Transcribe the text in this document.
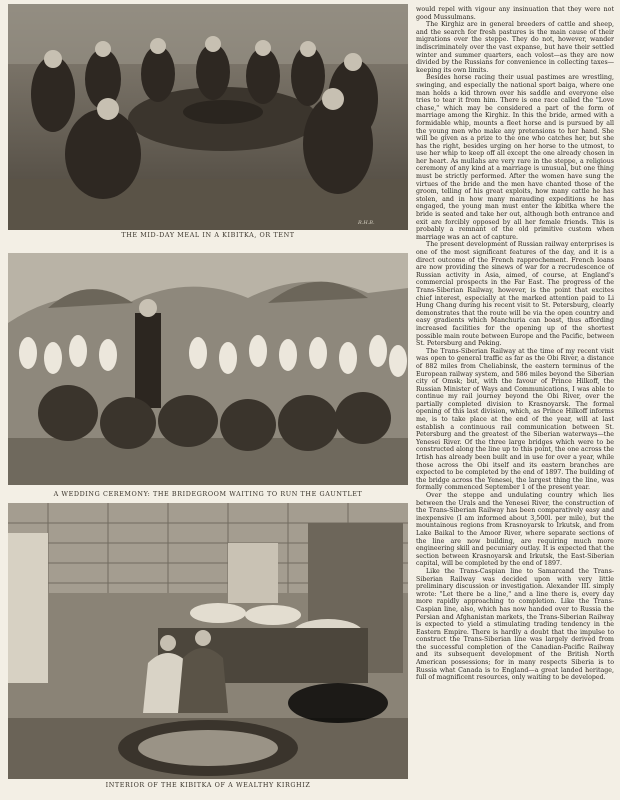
R.H.B.
THE MID-DAY MEAL IN A KIBITKA, OR TENT
A WEDDING CEREMONY: THE BRIDEGROOM WAITING TO RUN THE GAUNTLET
INTERIOR OF THE KIBITKA OF A WEALTHY KIRGHIZ

would repel with vigour any insinuation that they were not good Mussulmans.

The Kirghiz are in general breeders of cattle and sheep, and the search for fresh pastures is the main cause of their migrations over the steppe. They do not, however, wander indiscriminately over the vast expanse, but have their settled winter and summer quarters, each volost—as they are now divided by the Russians for convenience in collecting taxes—keeping its own limits.

Besides horse racing their usual pastimes are wrestling, swinging, and especially the national sport baiga, where one man holds a kid thrown over his saddle and everyone else tries to tear it from him. There is one race called the "Love chase," which may be considered a part of the form of marriage among the Kirghiz. In this the bride, armed with a formidable whip, mounts a fleet horse and is pursued by all the young men who make any pretensions to her hand. She will be given as a prize to the one who catches her, but she has the right, besides urging on her horse to the utmost, to use her whip to keep off all except the one already chosen in her heart. As mullahs are very rare in the steppe, a religious ceremony of any kind at a marriage is unusual, but one thing must be strictly performed. After the women have sung the virtues of the bride and the men have chanted those of the groom, telling of his great exploits, how many cattle he has stolen, and in how many marauding expeditions he has engaged, the young man must enter the kibitka where the bride is seated and take her out, although both entrance and exit are forcibly opposed by all her female friends. This is probably a remnant of the old primitive custom when marriage was an act of capture.

The present development of Russian railway enterprises is one of the most significant features of the day, and it is a direct outcome of the French rapprochement. French loans are now providing the sinews of war for a recrudescence of Russian activity in Asia, aimed, of course, at England's commercial prospects in the Far East. The progress of the Trans-Siberian Railway, however, is the point that excites chief interest, especially at the marked attention paid to Li Hung Chang during his recent visit to St. Petersburg, clearly demonstrates that the route will be via the open country and easy gradients which Manchuria can boast, thus affording increased facilities for the opening up of the shortest possible main route between Europe and the Pacific, between St. Petersburg and Peking.

The Trans-Siberian Railway at the time of my recent visit was open to general traffic as far as the Obi River, a distance of 882 miles from Cheliabinsk, the eastern terminus of the European railway system, and 586 miles beyond the Siberian city of Omsk; but, with the favour of Prince Hilkoff, the Russian Minister of Ways and Communications, I was able to continue my rail journey beyond the Obi River, over the partially completed division to Krasnoyarsk. The formal opening of this last division, which, as Prince Hilkoff informs me, is to take place at the end of the year, will at last establish a continuous rail communication between St. Petersburg and the greatest of the Siberian waterways—the Yenesei River. Of the three large bridges which were to be constructed along the line up to this point, the one across the Irtish has already been built and in use for over a year, while those across the Obi itself and its eastern branches are expected to be completed by the end of 1897. The building of the bridge across the Yenesei, the largest thing the line, was formally commenced September 1 of the present year.

Over the steppe and undulating country which lies between the Urals and the Yenesei River, the construction of the Trans-Siberian Railway has been comparatively easy and inexpensive (I am informed about 3,500l. per mile), but the mountainous regions from Krasnoyarsk to Irkutsk, and from Lake Baikal to the Amoor River, where separate sections of the line are now building, are requiring much more engineering skill and pecuniary outlay. It is expected that the section between Krasnoyarsk and Irkutsk, the East-Siberian capital, will be completed by the end of 1897.

Like the Trans-Caspian line to Samarcand the Trans-Siberian Railway was decided upon with very little preliminary discussion or investigation. Alexander III. simply wrote: "Let there be a line," and a line there is, every day more rapidly approaching to completion. Like the Trans-Caspian line, also, which has now handed over to Russia the Persian and Afghanistan markets, the Trans-Siberian Railway is expected to yield a stimulating trading tendency in the Eastern Empire. There is hardly a doubt that the impulse to construct the Trans-Siberian line was largely derived from the successful completion of the Canadian-Pacific Railway and its subsequent development of the British North American possessions; for in many respects Siberia is to Russia what Canada is to England—a great landed heritage, full of magnificent resources, only waiting to be developed.
